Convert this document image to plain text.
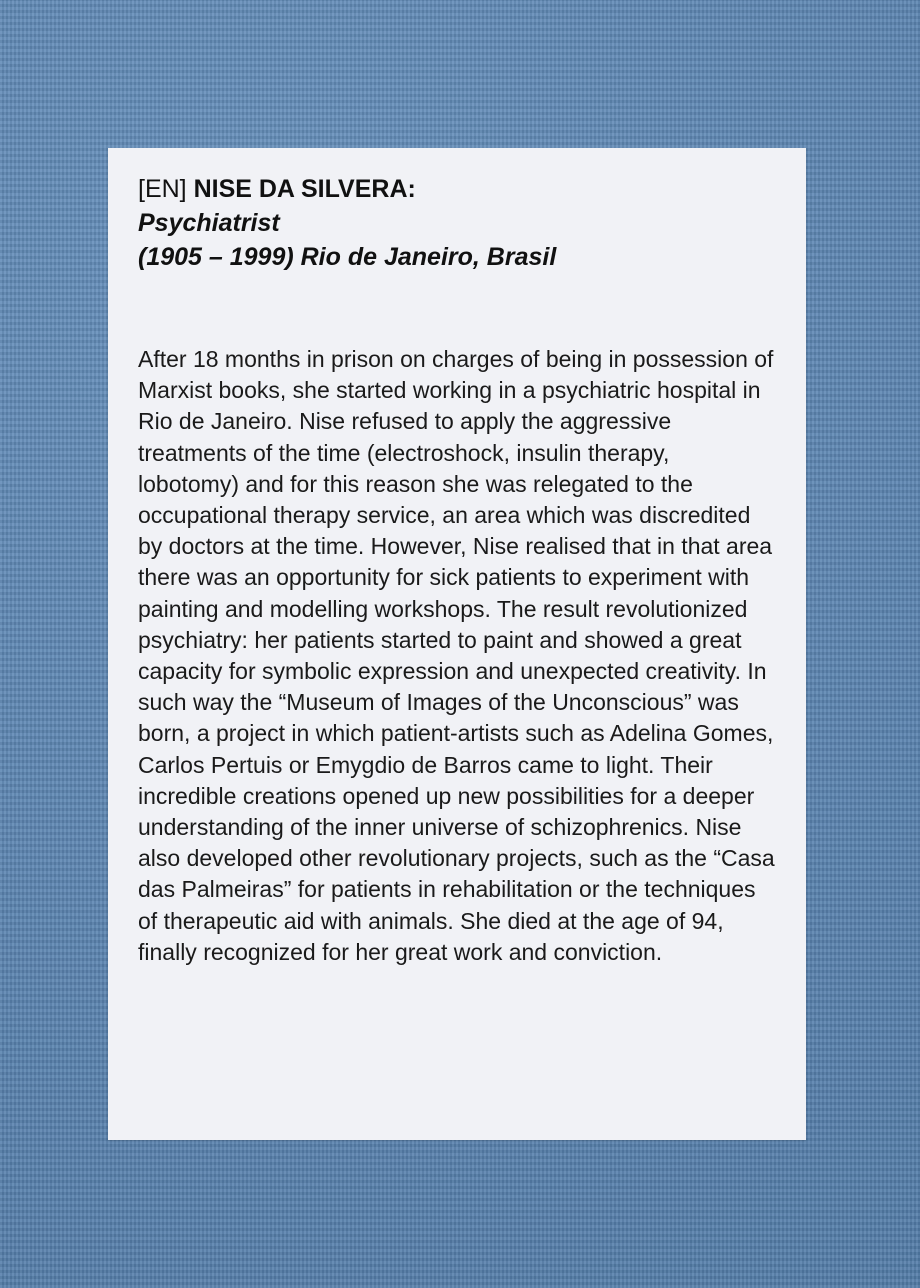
[EN] NISE DA SILVERA:
Psychiatrist
(1905 – 1999) Rio de Janeiro, Brasil

After 18 months in prison on charges of being in possession of Marxist books, she started working in a psychiatric hospital in Rio de Janeiro. Nise refused to apply the aggressive treatments of the time (electroshock, insulin therapy, lobotomy) and for this reason she was relegated to the occupational therapy service, an area which was discredited by doctors at the time. However, Nise realised that in that area there was an opportunity for sick patients to experiment with painting and modelling workshops. The result revolutionized psychiatry: her patients started to paint and showed a great capacity for symbolic expression and unexpected creativity. In such way the “Museum of Images of the Unconscious” was born, a project in which patient-artists such as Adelina Gomes, Carlos Pertuis or Emygdio de Barros came to light. Their incredible creations opened up new possibilities for a deeper understanding of the inner universe of schizophrenics. Nise also developed other revolutionary projects, such as the “Casa das Palmeiras” for patients in rehabilitation or the techniques of therapeutic aid with animals. She died at the age of 94, finally recognized for her great work and conviction.
